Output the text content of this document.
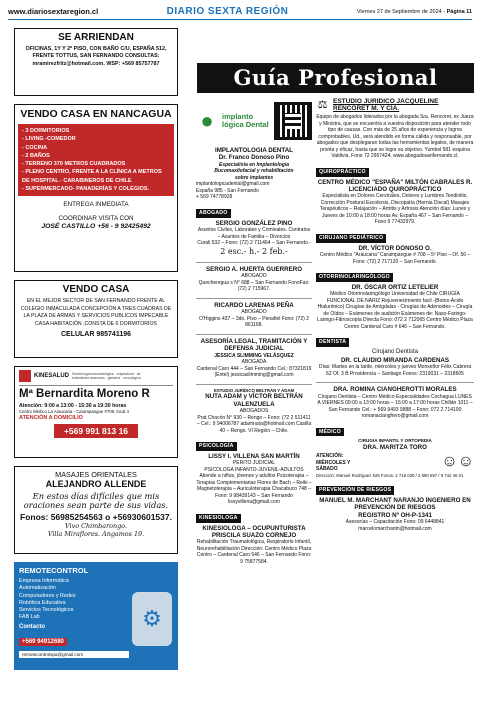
www.diariosextaregion.cl	DIARIO SEXTA REGIÓN	Viernes 27 de Septiembre de 2024 - Página 11
SE ARRIENDAN
OFICINAS, 1Y Y 2º PISO, CON BAÑO C/U, ESPAÑA 512, FRENTE TOTTUS, SAN FERNANDO CONSULTAS: mramirezfritz@hotmail.com. WSP: +569 85757787
VENDO CASA EN NANCAGUA
- 3 DORMITORIOS
- LIVING -COMEDOR
- COCINA
- 2 BAÑOS
- TERRENO 370 METROS CUADRADOS
- PLENO CENTRO, FRENTE A LA CLÍNICA A METROS DE HOSPITAL - CARABINEROS DE CHILE
- SUPERMERCADO- PANADERÍAS Y COLEGIOS.
ENTREGA INMEDIATA
COORDINAR VISITA CON
JOSÉ CASTILLO +56 - 9 92425492
VENDO CASA
EN EL MEJOR SECTOR DE SAN FERNANDO FRENTE AL COLEGIO INMACULADA CONCEPCIÓN A TRES CUADRAS DE LA PLAZA DE ARMAS Y SERVICIOS PUBLICOS IMPECABLE CASA HABITACIÓN ,CONSTA DE 6 DORMITORIOS
CELULAR 985741196
KINESALUD Kinesiología traumatológica · respiratoria · de tratamiento avanzado · geriatría · neurológica
Mª Bernardita Moreno R
Atención: 9:00 a 13:00 - 15:30 a 19:30 horas
Centro Médico La Araucaria - Carampangue #708, local 4
ATENCIÓN A DOMICILIO
+569 991 813 16
MASAJES ORIENTALES
ALEJANDRO ALLENDE
En estos días difíciles que mis oraciones sean parte de sus vidas.
Fonos: 56985254563 o +56930601537.
Vivo Chimbarongo.
Villa Miraflores. Angamos 19.
REMOTECONTROL
Empresa Informática
Automatización
Computadores y Redes
Robótica Educativa
Servicios Tecnológicos
FAB Lab
Contacto
+569 94912680
remotecontrolspa@gmail.com
⚙
Guía Profesional
●	implanto lógica Dental
IMPLANTOLOGIA DENTAL
Dr. Franco Donoso Pino
Especialista en Implantología
Bucomaxilofacial y rehabilitación
sobre implantes
implantologicadental@gmail.com
España 985 - San Fernando
+ 569 74778928
ABOGADO
SERGIO GONZÁLEZ PINO
Asuntos Civiles, Laborales y Criminales. Contratos – Asuntos de Familia – Divorcios
Curali 532 – Fono: (72) 2 711464 – San Fernando.-
2 esc.- h.- 2 feb.-
SERGIO A. HUERTA GUERRERO
ABOGADO
Quecheregua s N° 688 – San Fernando FonoFax: (72) 2 715967.
RICARDO LARENAS PEÑA
ABOGADO
O'Higgins 437 – 3do. Piso – Penafiel Fono: (72) 2 861168.
ASESORÍA LEGAL, TRAMITACIÓN Y DEFENSA JUDICIAL
JESSICA SLIMMING VELÁSQUEZ
ABOGADA
Cardenal Caro 444 – San Fernando Cel.: 87321819 (Entel) jessicaslimming@gmail.com
ESTUDIO JURÍDICO BELTRÁN Y ADAM
NUTA ADAM y VÍCTOR BELTRÁN VALENZUELA
ABOGADOS
Prat Chacón N° 930 – Rengo – Fono: (72 2 511411 – Cel.: 9 94006787 adamnuta@hotmail.com Casilla 40 – Rengo. VI Región – Chile.
PSICOLOGÍA
LISSY I. VILLENA SAN MARTÍN
PERITO JUDICIAL
PSICOLOGA INFANTO-JUVENIL-ADULTOS Atiende a niños, jóvenes y adultos Psicoterapia – Terapias Complementarias Flores de Bach – Reiki – Magnetoterapia – Auriculoterapia Chacabuco 748 – Fono: 9 98439143 – San Fernando lissyvillena@gmail.com
KINESIOLOGA
KINESIOLOGA – OCUPUNTURISTA PRISCILA SUAZO CORNEJO
Rehabilitación Traumatológica, Respiratorio Infantil, Neurorehabilitación Dirección: Centro Médico Plaza Centro – Cardenal Caro 646 – San Fernando Fono: 9 75877584.
⚖ ESTUDIO JURIDICO JACQUELINE RENCORET M. Y CÍA.
Equipo de abogados liderados por la abogada Sra. Rencoret, ex Jueza y Ministra, que se encuentra a vuestra disposición para atender todo tipo de causas. Con más de 25 años de experiencia y logros comprobables, Ud., será atendido en forma cálida y responsable, por abogados que desplegaran todas las herramientas legales, de manera pronta y eficaz, hasta que se logre su objetivo. Yumbel 581 esquina Valdivia. Fono 72 2967424. www.abogadosanfernando.cl.
QUIROPRÁCTICO
CENTRO MÉDICO "ESPAÑA" MILTÓN CABRALES R.
LICENCIADO QUIROPRÁCTICO
Especialista en Dolores Cervicales, Dolores y Lumbres Tendinitis, Corrección Postural Escoliosis, Discopatía (Hernia Discal) Masajes Terapéuticos – Relajación – Artritis y Artrosis Atención días: Lunes y Jueves de 10:00 a 18:00 horas Av. España 467 – San Fernando – Fono 9 77432979.
CIRUJANO PEDIÁTRICO
DR. VÍCTOR DONOSO O.
Centro Médico "Araucaria" Carampangue # 708 – 5º Piso – Of. 56 – Fono: (72) 2 717120 – San Fernando.
OTORRINOLARINGÓLOGO
DR. ÓSCAR ORTIZ LETELIER
Médico Otorrinolaringólogo Universidad de Chile CIRUGÍA FUNCIONAL DE NARIZ Rejuvenecimiento facil -(Botox-Ácido Hialurónico) Cirugías de Amígdalas - Cirugías de Adenoides – Cirugía de Oídos – Exámenes de audición Exámenes de: Naso-Faringo-Laringo-Fibroscopía Directa Fono: 072 2 712065 Centro Médico Plaza Centro Cardenal Caro # 646 – San Fernando.
DENTISTA
Cirujano Dentista
DR. CLAUDIO MIRANDA CARDENAS
Días: Martes en la tarde, miércoles y jueves Monseñor Félix Cabrera 62 Of. 3 B Providencia – Santiago Fonos: 2319031 – 2318605
DRA. ROMINA CIANGHEROTTI MORALES
Cirujano Dentista – Centro Médico Especialidades Cochagua LUNES A VIERNES 09:00 a 13:00 horas – 16:00 a 17:00 horas Chillán 1011 – San Fernando Cel.: + 569 9493 9888 – Fono: 072 2 714100 romanacianghero@gmail.com
MÉDICO
CIRUGIA INFANTIL Y ORTOPEDIA
DRA. MARITZA TORO
ATENCIÓN: MIÉRCOLES Y SÁBADO	☺☺
Dirección: Manuel Rodríguez 525 Fonos: 2 718 030 / 2 580 597 / 9 742 46 01
PREVENCIÓN DE RIESGOS
MANUEL M. MARCHANT NARANJO INGENIERO EN PREVENCIÓN DE RIESGOS
REGISTRO Nº OH-P-1341
Asesorías – Capacitación Fono: 09 6448841 marcelomarchantn@hotmail.com
